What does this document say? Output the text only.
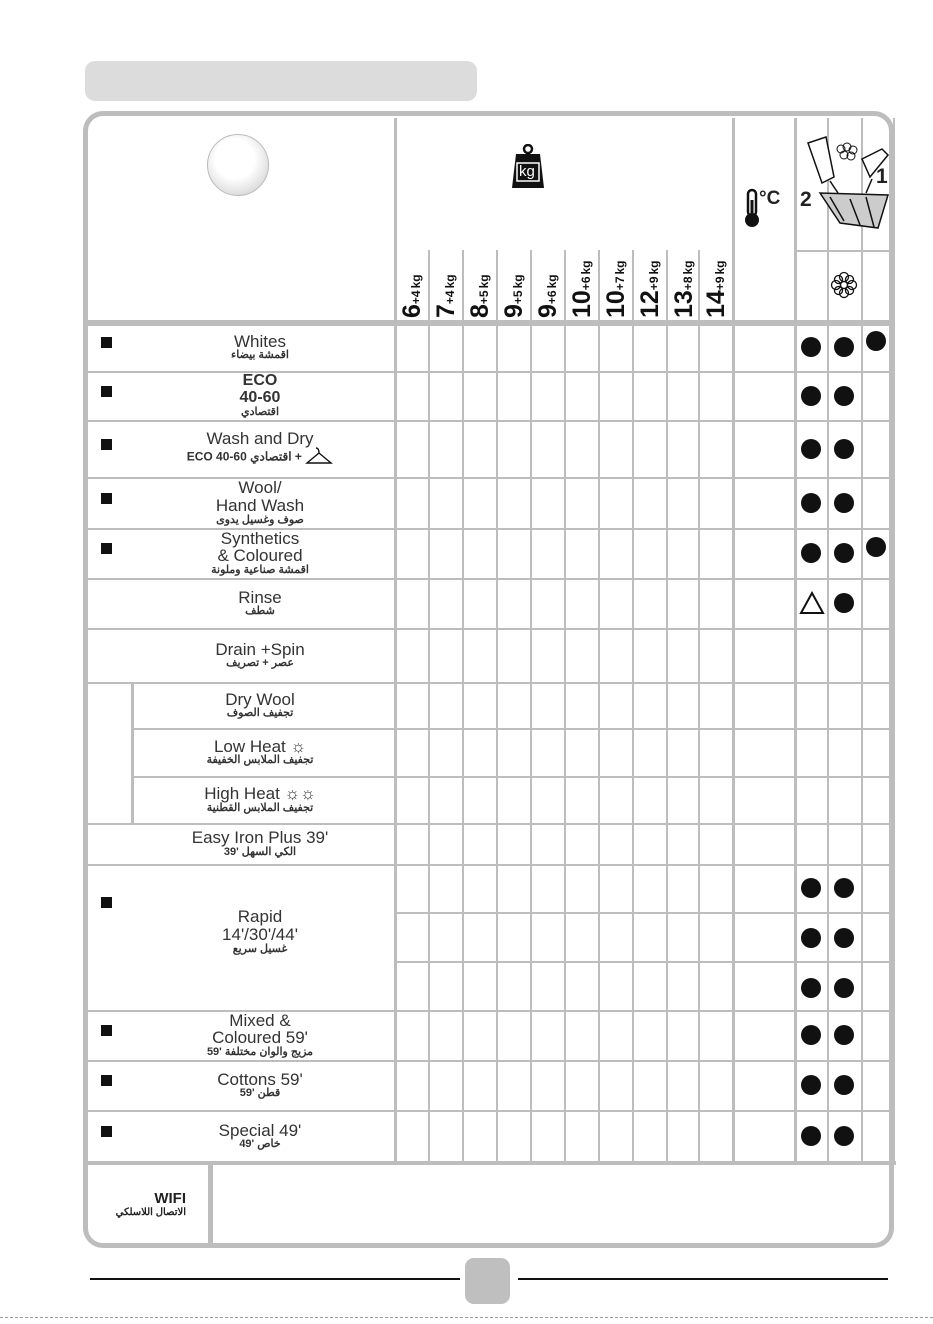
6+4kg
7+4kg
8+5kg
9+5kg
9+6kg
10+6kg
10+7kg
12+9kg
13+8kg
14+9kg
Whites
اقمشة بيضاء
ECO
40-60
اقتصادي
Wash and Dry
ECO 40-60 اقتصادي +
Wool/
Hand Wash
صوف وغسيل يدوى
Synthetics
& Coloured
اقمشة صناعية وملونة
Rinse
شطف
Drain +Spin
عصر + تصريف
Dry Wool
تجفيف الصوف
Low Heat ☼
تجفيف الملابس الخفيفة
High Heat ☼☼
تجفيف الملابس القطنية
Easy Iron Plus 39'
39' الكي السهل
Rapid
14'/30'/44'
غسيل سريع
Mixed &
Coloured 59'
59' مزيج والوان مختلفة
Cottons 59'
59' قطن
Special 49'
49' خاص
kg
°C
1
2
WIFI
الاتصال اللاسلكي
